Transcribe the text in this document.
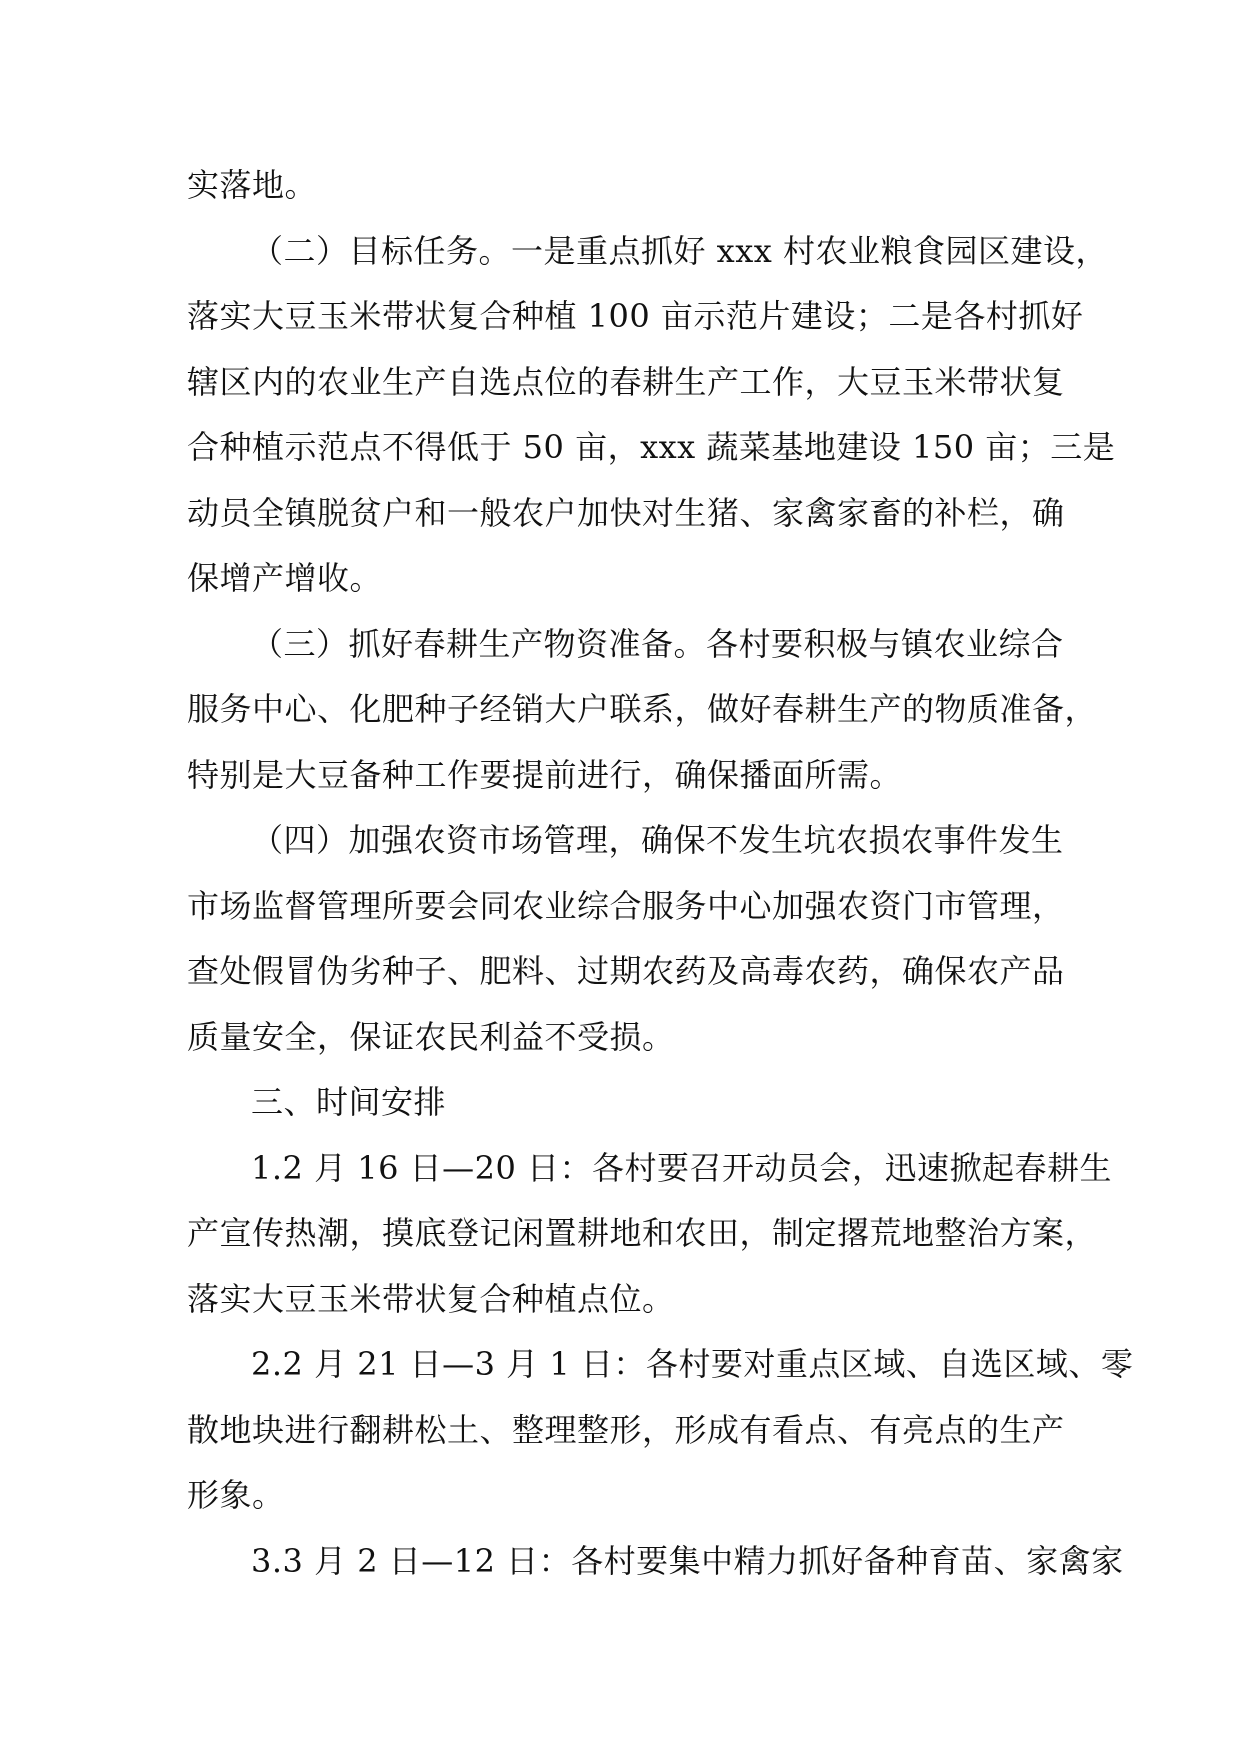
实落地。
（二）目标任务。一是重点抓好 xxx 村农业粮食园区建设，
落实大豆玉米带状复合种植 100 亩示范片建设；二是各村抓好
辖区内的农业生产自选点位的春耕生产工作，大豆玉米带状复
合种植示范点不得低于 50 亩，xxx 蔬菜基地建设 150 亩；三是
动员全镇脱贫户和一般农户加快对生猪、家禽家畜的补栏，确
保增产增收。
（三）抓好春耕生产物资准备。各村要积极与镇农业综合
服务中心、化肥种子经销大户联系，做好春耕生产的物质准备，
特别是大豆备种工作要提前进行，确保播面所需。
（四）加强农资市场管理，确保不发生坑农损农事件发生
市场监督管理所要会同农业综合服务中心加强农资门市管理，
查处假冒伪劣种子、肥料、过期农药及高毒农药，确保农产品
质量安全，保证农民利益不受损。
三、时间安排
1.2 月 16 日—20 日：各村要召开动员会，迅速掀起春耕生
产宣传热潮，摸底登记闲置耕地和农田，制定撂荒地整治方案，
落实大豆玉米带状复合种植点位。
2.2 月 21 日—3 月 1 日：各村要对重点区域、自选区域、零
散地块进行翻耕松土、整理整形，形成有看点、有亮点的生产
形象。
3.3 月 2 日—12 日：各村要集中精力抓好备种育苗、家禽家
